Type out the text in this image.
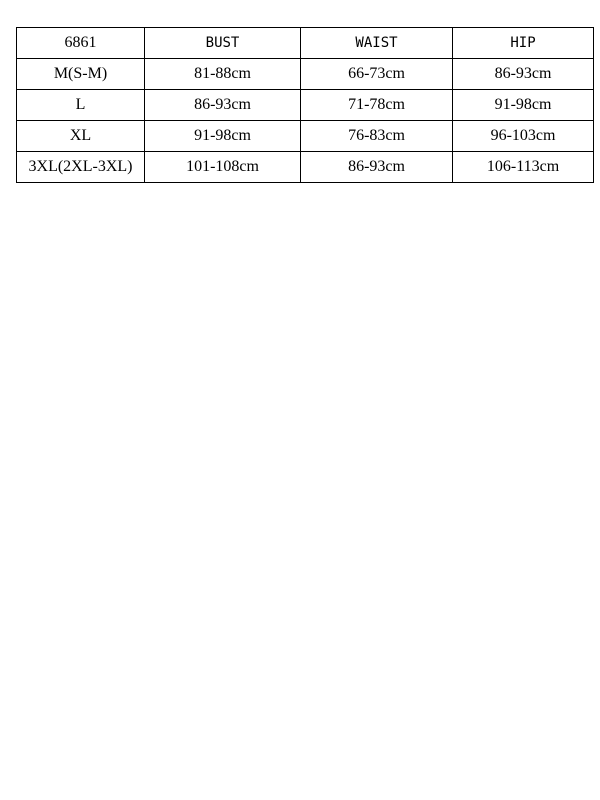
6861	BUST	WAIST	HIP
M(S-M)	81-88cm	66-73cm	86-93cm
L	86-93cm	71-78cm	91-98cm
XL	91-98cm	76-83cm	96-103cm
3XL(2XL-3XL)	101-108cm	86-93cm	106-113cm
